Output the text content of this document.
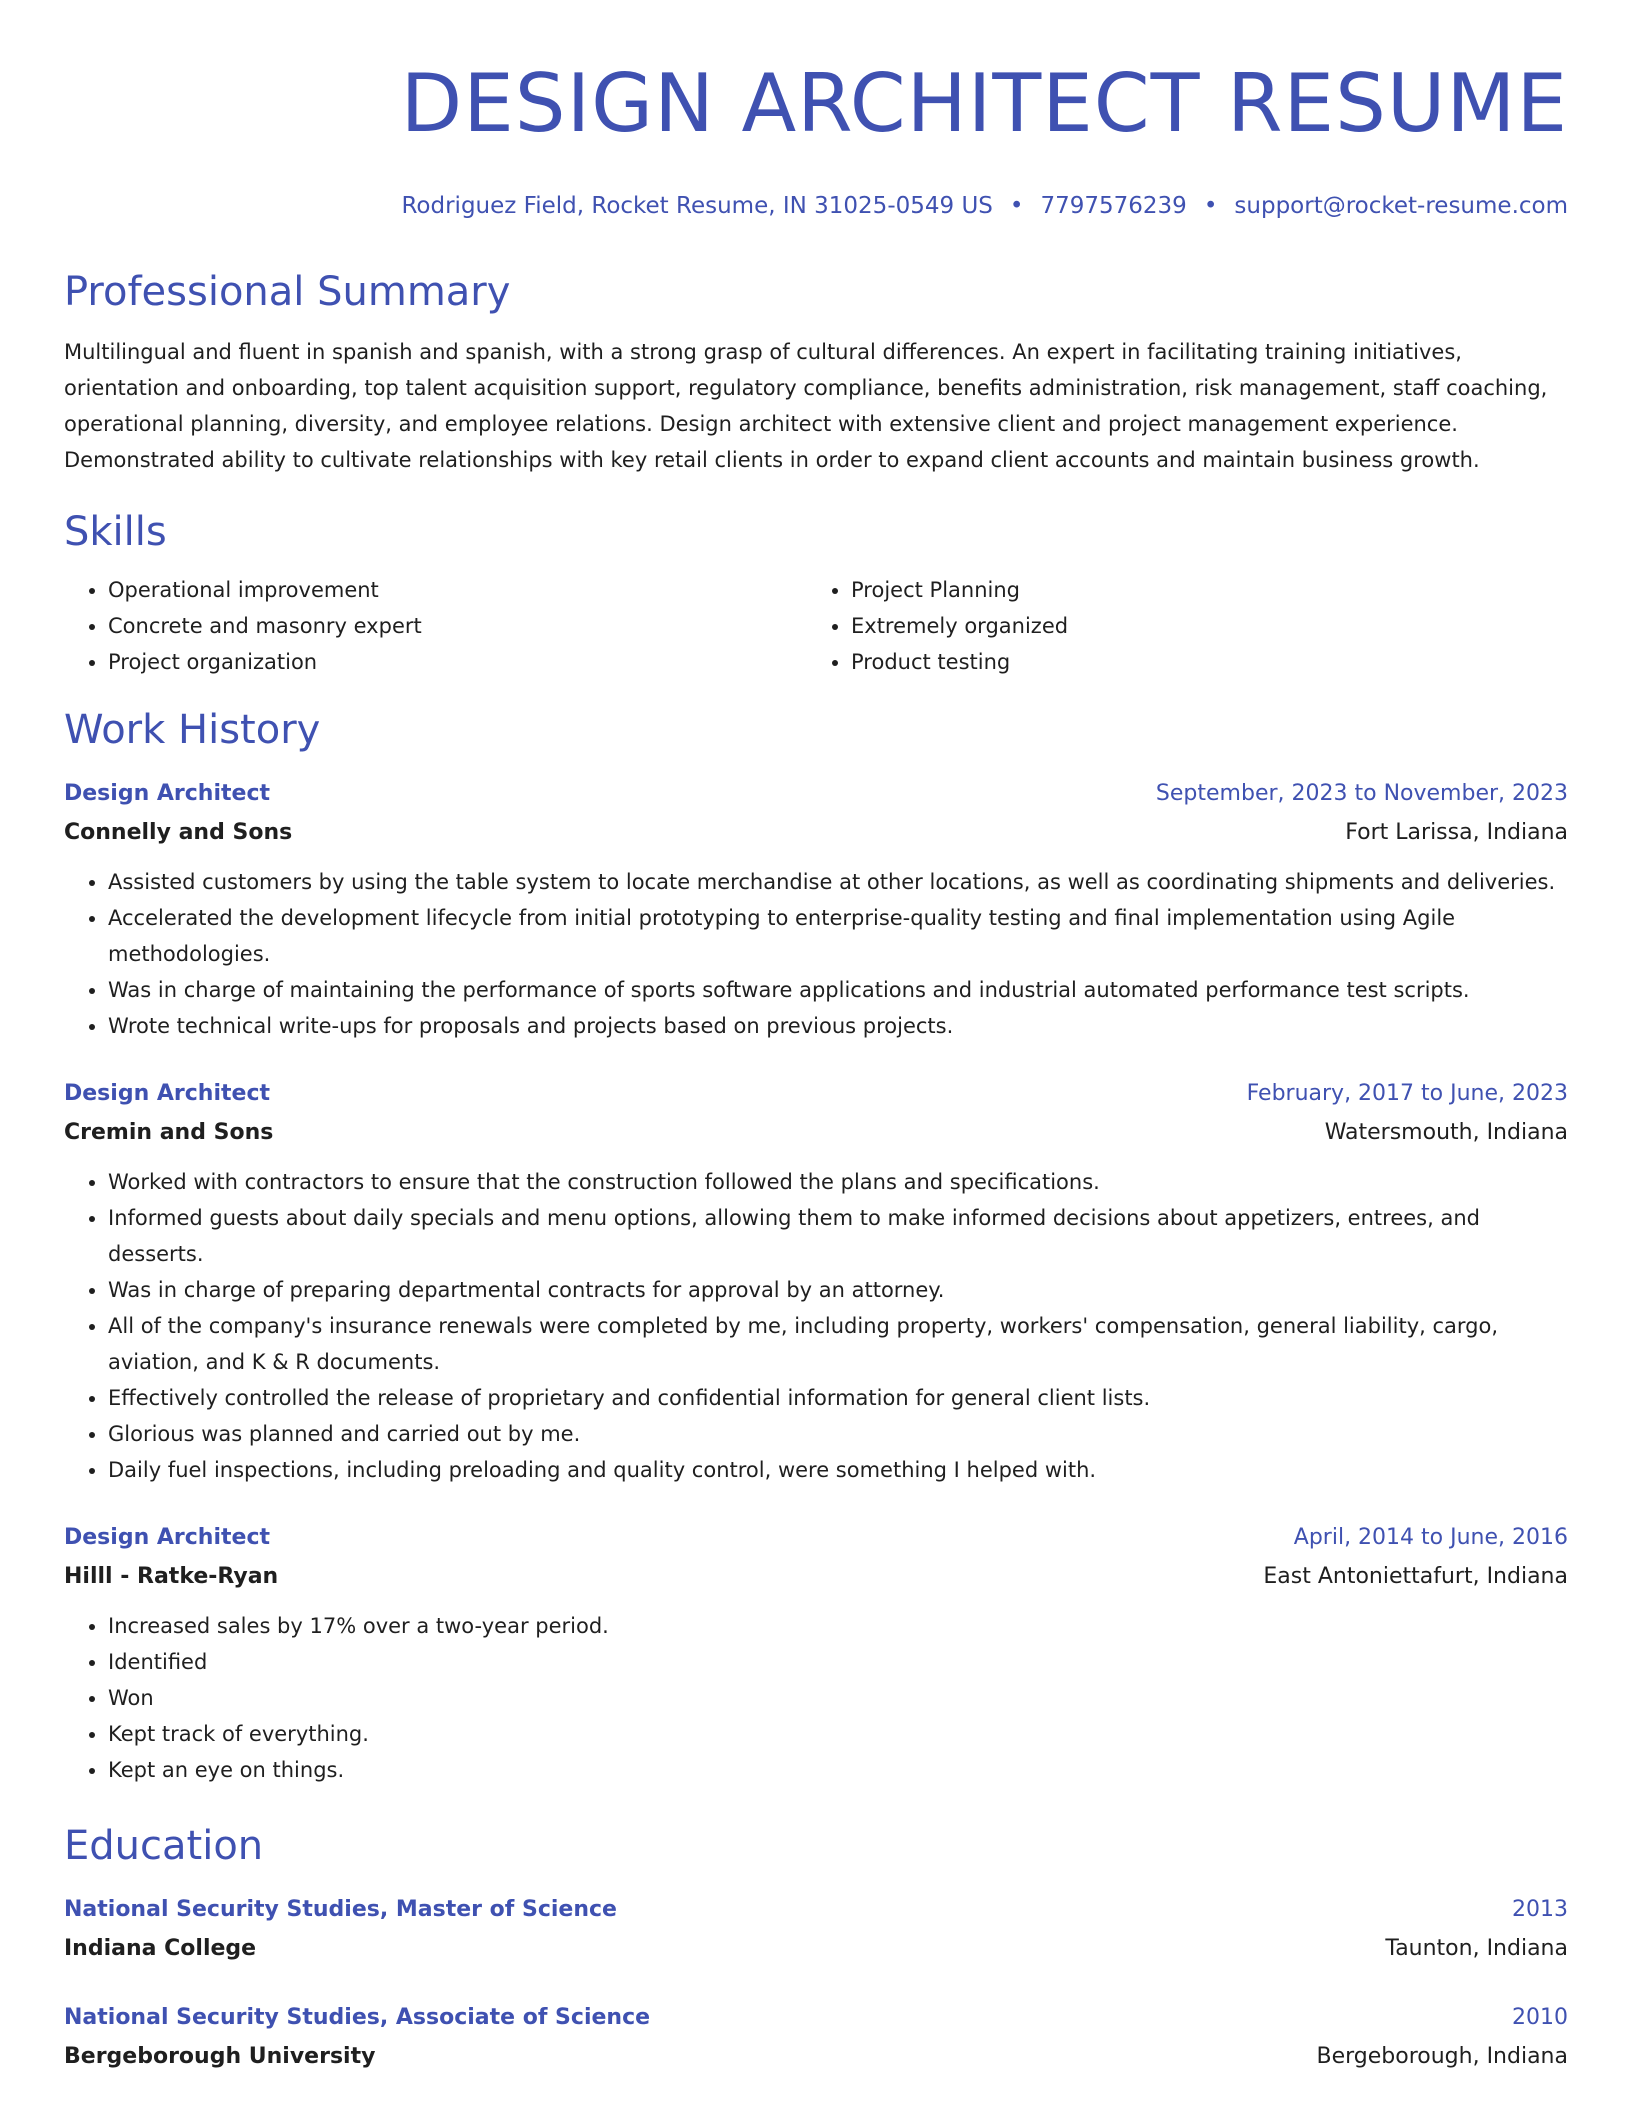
DESIGN ARCHITECT RESUME
Rodriguez Field, Rocket Resume, IN 31025-0549 US • 7797576239 • support@rocket-resume.com
Professional Summary

Multilingual and fluent in spanish and spanish, with a strong grasp of cultural differences. An expert in facilitating training initiatives, orientation and onboarding, top talent acquisition support, regulatory compliance, benefits administration, risk management, staff coaching, operational planning, diversity, and employee relations. Design architect with extensive client and project management experience. Demonstrated ability to cultivate relationships with key retail clients in order to expand client accounts and maintain business growth.

Skills
• Operational improvement
• Concrete and masonry expert
• Project organization
• Project Planning
• Extremely organized
• Product testing
Work History
Design Architect	September, 2023 to November, 2023
Connelly and Sons	Fort Larissa, Indiana
• Assisted customers by using the table system to locate merchandise at other locations, as well as coordinating shipments and deliveries.
• Accelerated the development lifecycle from initial prototyping to enterprise-quality testing and final implementation using Agile methodologies.
• Was in charge of maintaining the performance of sports software applications and industrial automated performance test scripts.
• Wrote technical write-ups for proposals and projects based on previous projects.
Design Architect	February, 2017 to June, 2023
Cremin and Sons	Watersmouth, Indiana
• Worked with contractors to ensure that the construction followed the plans and specifications.
• Informed guests about daily specials and menu options, allowing them to make informed decisions about appetizers, entrees, and desserts.
• Was in charge of preparing departmental contracts for approval by an attorney.
• All of the company's insurance renewals were completed by me, including property, workers' compensation, general liability, cargo, aviation, and K & R documents.
• Effectively controlled the release of proprietary and confidential information for general client lists.
• Glorious was planned and carried out by me.
• Daily fuel inspections, including preloading and quality control, were something I helped with.
Design Architect	April, 2014 to June, 2016
Hilll - Ratke-Ryan	East Antoniettafurt, Indiana
• Increased sales by 17% over a two-year period.
• Identified
• Won
• Kept track of everything.
• Kept an eye on things.
Education
National Security Studies, Master of Science	2013
Indiana College	Taunton, Indiana
National Security Studies, Associate of Science	2010
Bergeborough University	Bergeborough, Indiana
